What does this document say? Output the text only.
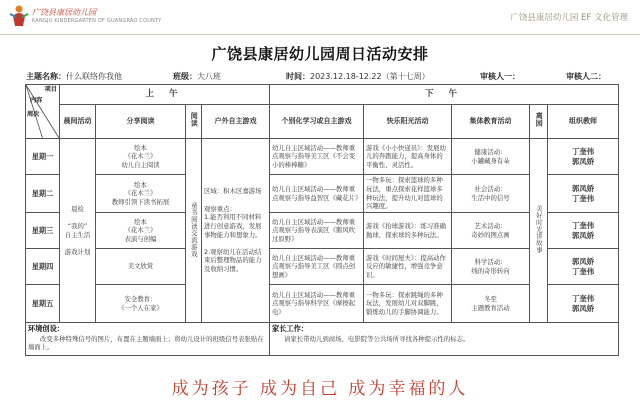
广饶县康居幼儿园
KANGJU KINDERGARTEN OF GUANGRAO COUNTY	广饶县康居幼儿园 EF 文化管理
广饶县康居幼儿园周日活动安排
主题名称：什么联络你我他	班级：大八班	时间：2023.12.18-12.22（第十七周）	审核人一：	审核人二：
项目
内容
周次	上 午				下 午				
	晨间活动	分享阅读	阅读	户外自主游戏	个别化学习或自主游戏	快乐阳光活动	集体教育活动	离园	组织教师
星期一	晨检

“我的”
自主生活

游戏计划	绘本
《花木兰》
幼儿自主阅读	童书阅读交流游戏	区域：积木区嘉游场

观察重点：
1.能否利用不同材料进行创意游戏，发展事物能力和想象力。

2.观察幼儿在活动结束后整理物品的能力及收纳习惯。	幼儿自主区域活动——教师重点观察与指导美工区《不会变小的棒棒糖》	游戏《小小快递员》：发展幼儿的奔跑能力，提高身体的平衡性、灵活性。	健康活动：
小罐藏身有朵	美好时光讲故事	丁奎伟
郭凤娇
星期二		绘本
《花木兰》
教师引领下读书拓展			幼儿自主区域活动——教师重点观察与指导益智区《藏花片》	一物多玩：探索篮球的多种玩法，重点探索花样篮球多种玩法，提升幼儿对篮球的兴趣度。	社会活动：
生活中的信号		郭凤娇
丁奎伟
星期三		绘本
《花木兰》
表演与创编			幼儿自主区域活动——教师重点观察与指导表演区《鹅风吹过原野》	游戏《抬球游戏》：练习准确抛球，探索球的多种玩法。	艺术活动：
奇妙的图点画		丁奎伟
郭凤娇
星期四		美文欣赏			幼儿自主区域活动——教师重点观察与指导美工区《圆点创想画》	游戏《时间屋夫》：提高动作反应的敏捷性，增强竞争意识。	科学活动：
线的奇形转向		郭凤娇
丁奎伟
星期五		安全教育：
《一个人在家》			幼儿自主区域活动——教师重点观察与指导科学区《摩擦起电》	一物多玩：探索跳绳的多种玩法，发展幼儿对双脚跳，锻炼幼儿的手脚协调能力。	冬至
主题教育活动		丁奎伟
郭凤娇

环境创设：
改变多种特殊信号的图片，布置在主题墙面上；将幼儿设计的班级信号表张贴在墙面上。					家长工作：
请家长带幼儿到商场、电影院等公共场所寻找各种提示性的标志。				
成为孩子 成为自己 成为幸福的人
